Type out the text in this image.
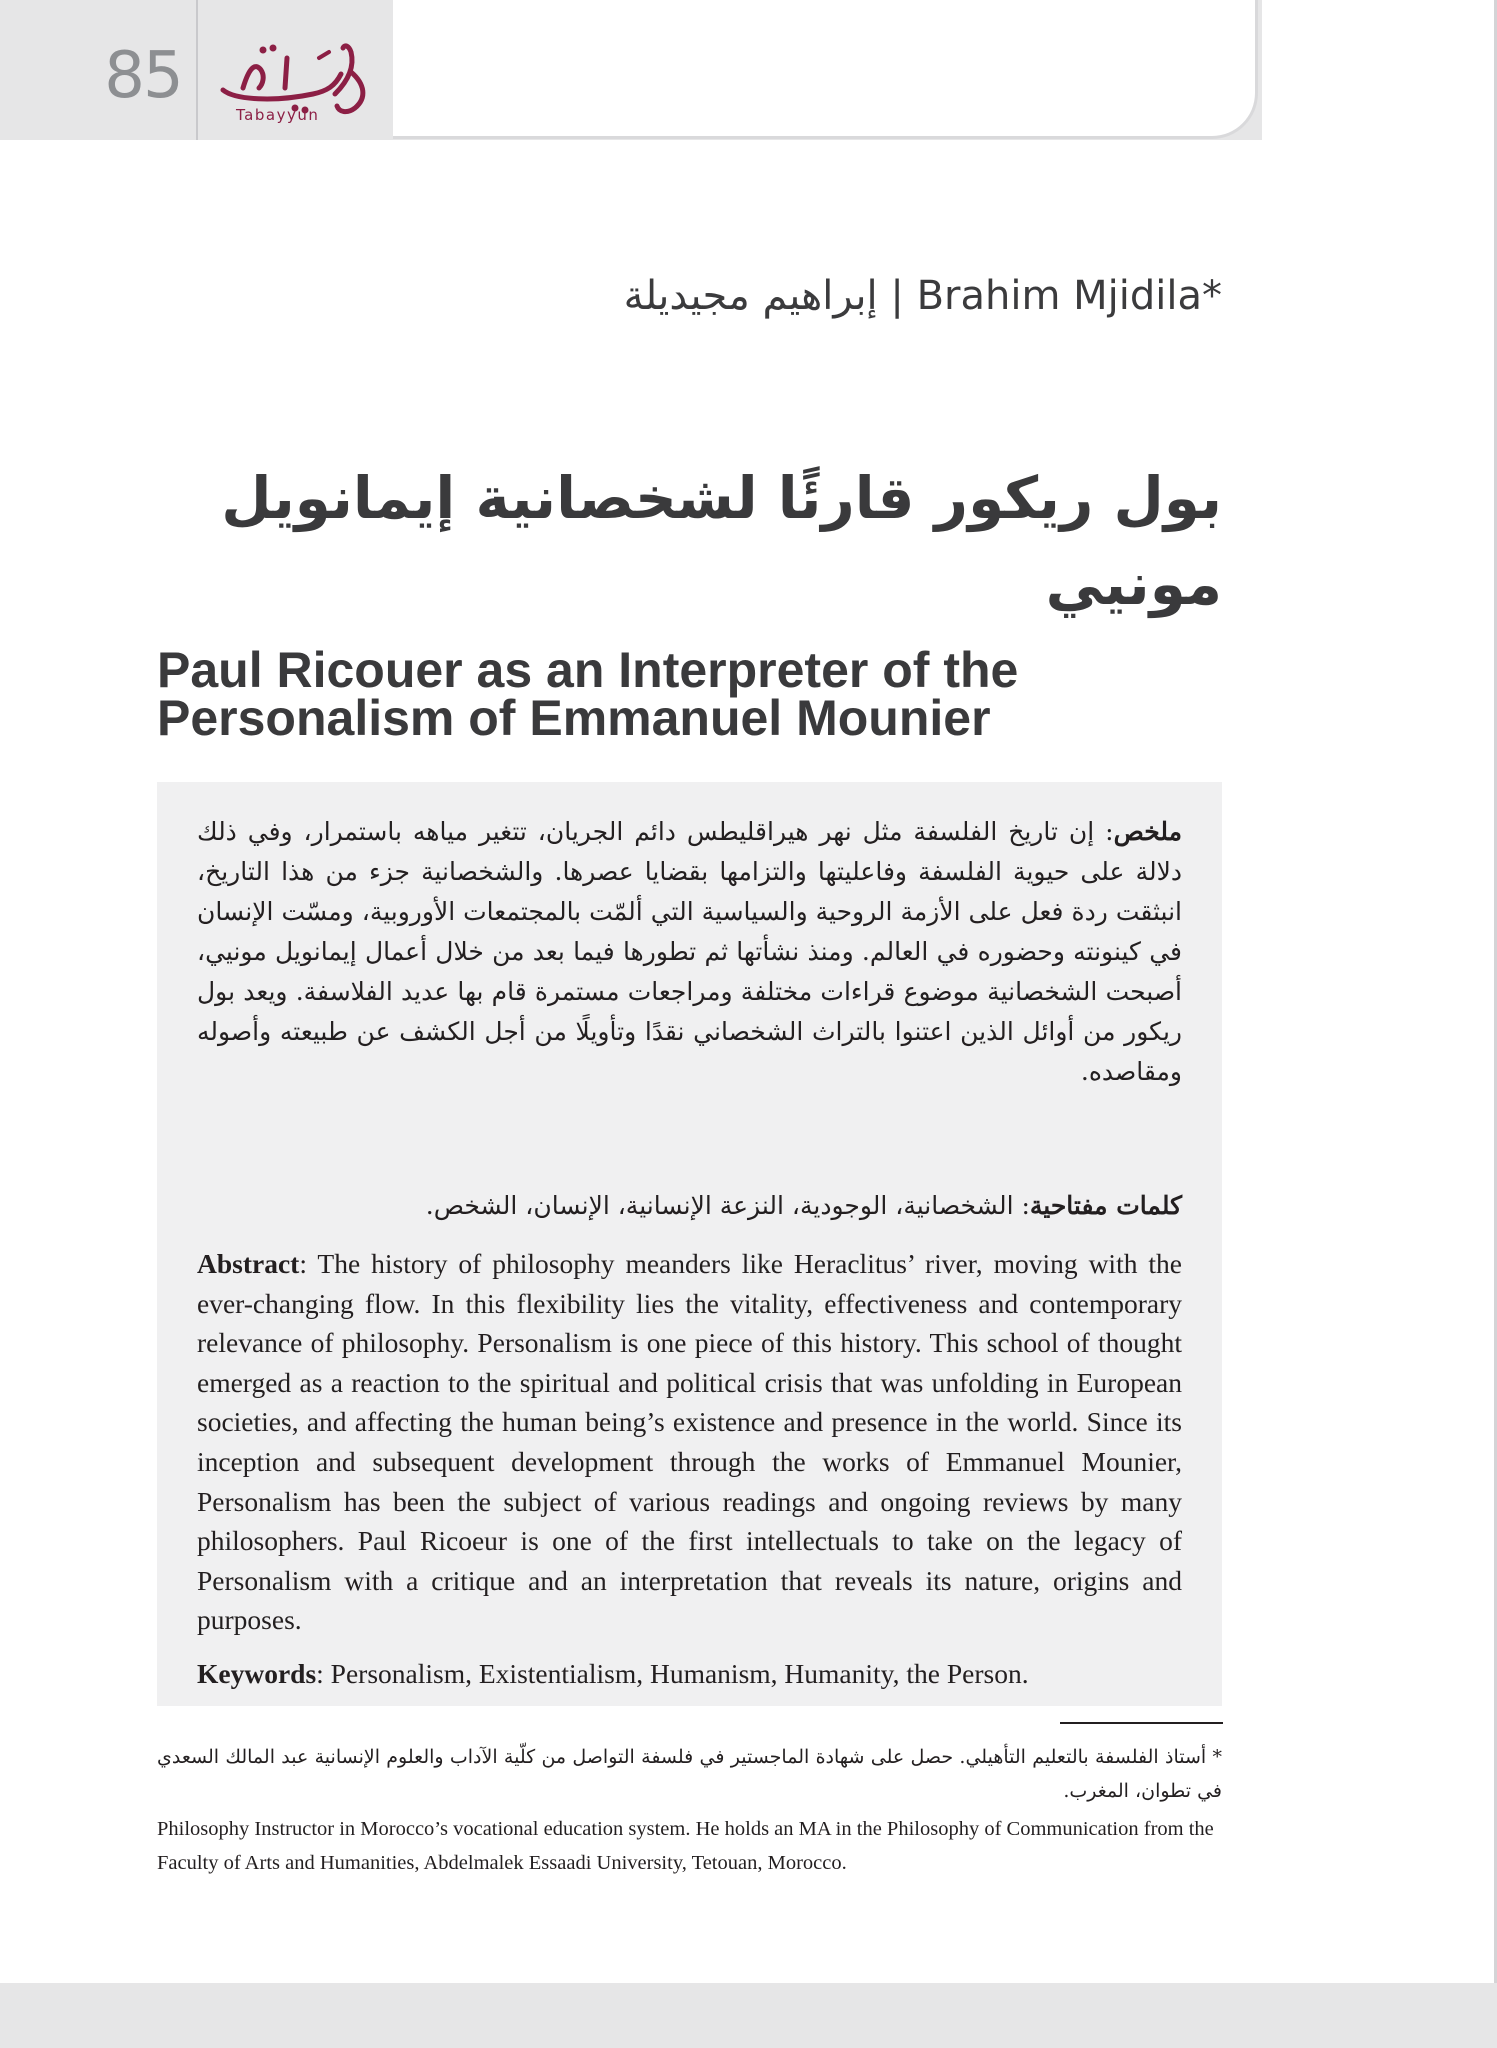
85
Tabayyun
إبراهيم مجيديلة | Brahim Mjidila*
بول ريكور قارئًا لشخصانية إيمانويل مونيي
Paul Ricouer as an Interpreter of the Personalism of Emmanuel Mounier
ملخص: إن تاريخ الفلسفة مثل نهر هيراقليطس دائم الجريان، تتغير مياهه باستمرار، وفي ذلك دلالة على حيوية الفلسفة وفاعليتها والتزامها بقضايا عصرها. والشخصانية جزء من هذا التاريخ، انبثقت ردة فعل على الأزمة الروحية والسياسية التي ألمّت بالمجتمعات الأوروبية، ومسّت الإنسان في كينونته وحضوره في العالم. ومنذ نشأتها ثم تطورها فيما بعد من خلال أعمال إيمانويل مونيي، أصبحت الشخصانية موضوع قراءات مختلفة ومراجعات مستمرة قام بها عديد الفلاسفة. ويعد بول ريكور من أوائل الذين اعتنوا بالتراث الشخصاني نقدًا وتأويلًا من أجل الكشف عن طبيعته وأصوله ومقاصده.
كلمات مفتاحية: الشخصانية، الوجودية، النزعة الإنسانية، الإنسان، الشخص.
Abstract: The history of philosophy meanders like Heraclitus’ river, moving with the ever-changing flow. In this flexibility lies the vitality, effectiveness and contemporary relevance of philosophy. Personalism is one piece of this history. This school of thought emerged as a reaction to the spiritual and political crisis that was unfolding in European societies, and affecting the human being’s existence and presence in the world. Since its inception and subsequent development through the works of Emmanuel Mounier, Personalism has been the subject of various readings and ongoing reviews by many philosophers. Paul Ricoeur is one of the first intellectuals to take on the legacy of Personalism with a critique and an interpretation that reveals its nature, origins and purposes.
Keywords: Personalism, Existentialism, Humanism, Humanity, the Person.
* أستاذ الفلسفة بالتعليم التأهيلي. حصل على شهادة الماجستير في فلسفة التواصل من كلّية الآداب والعلوم الإنسانية عبد المالك السعدي في تطوان، المغرب.
Philosophy Instructor in Morocco’s vocational education system. He holds an MA in the Philosophy of Communication from the Faculty of Arts and Humanities, Abdelmalek Essaadi University, Tetouan, Morocco.
